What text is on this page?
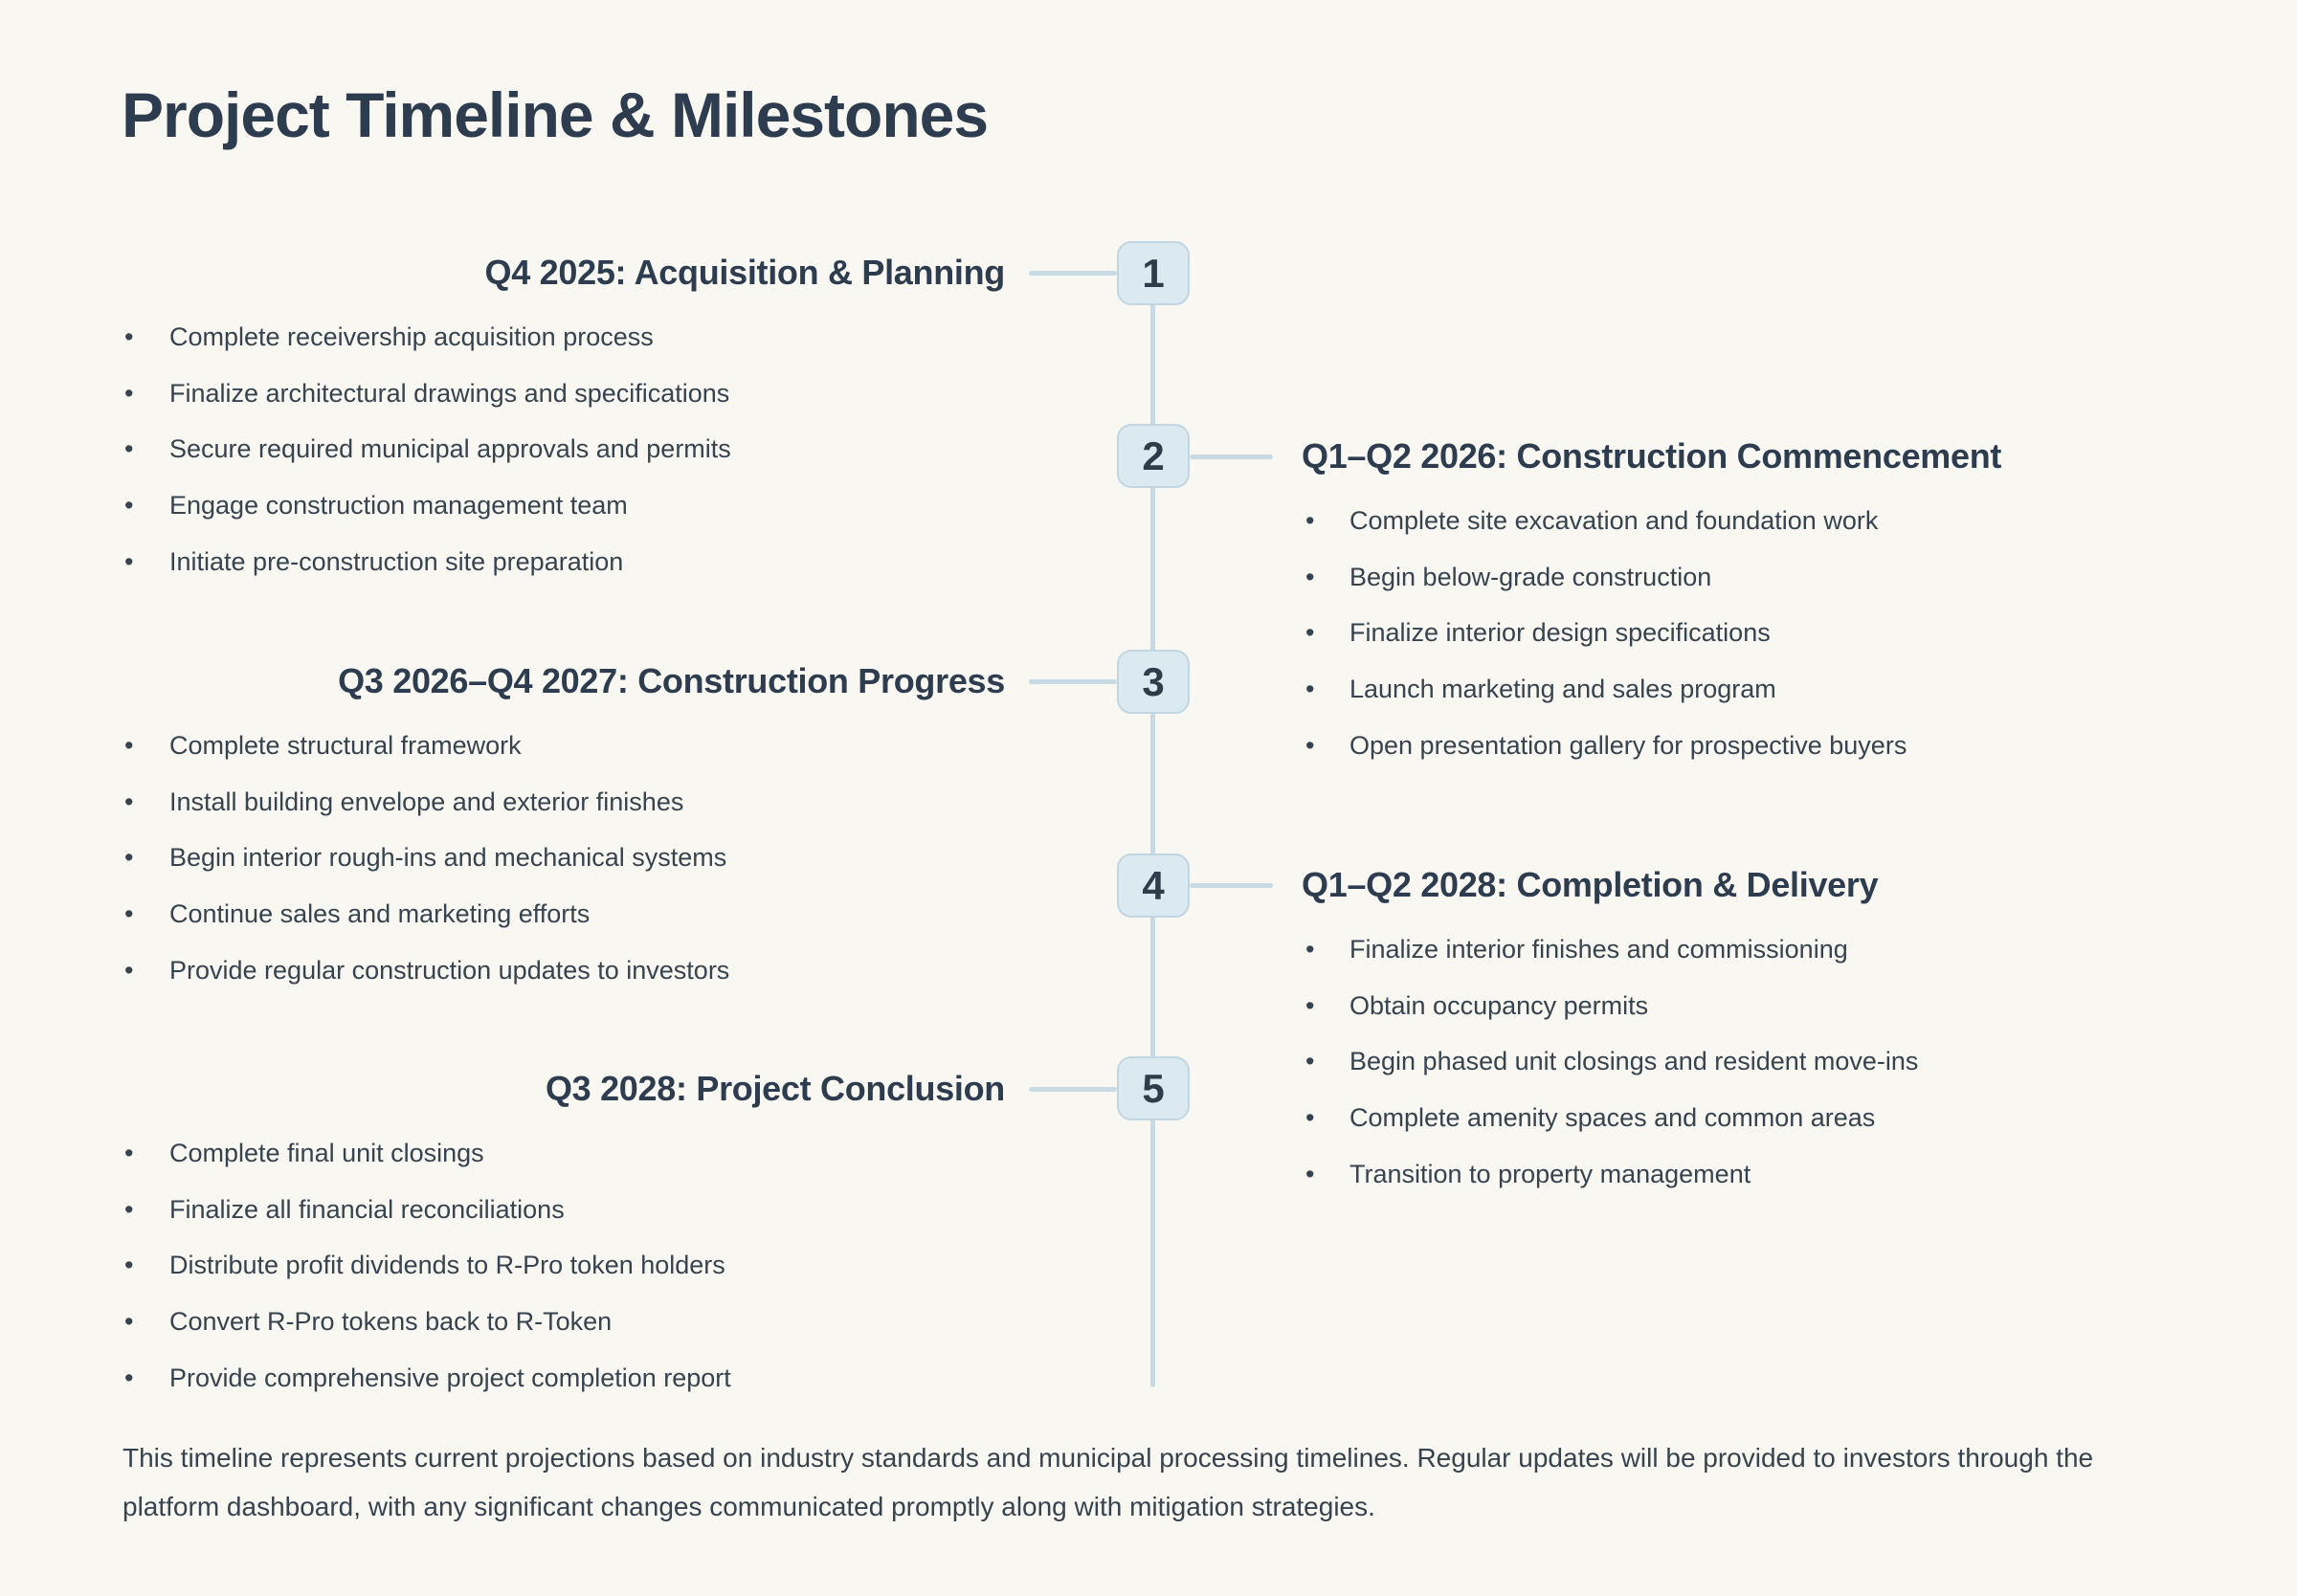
Project Timeline & Milestones
1
2
3
4
5
Q4 2025: Acquisition & Planning
• Complete receivership acquisition process
• Finalize architectural drawings and specifications
• Secure required municipal approvals and permits
• Engage construction management team
• Initiate pre-construction site preparation
Q1–Q2 2026: Construction Commencement
• Complete site excavation and foundation work
• Begin below-grade construction
• Finalize interior design specifications
• Launch marketing and sales program
• Open presentation gallery for prospective buyers
Q3 2026–Q4 2027: Construction Progress
• Complete structural framework
• Install building envelope and exterior finishes
• Begin interior rough-ins and mechanical systems
• Continue sales and marketing efforts
• Provide regular construction updates to investors
Q1–Q2 2028: Completion & Delivery
• Finalize interior finishes and commissioning
• Obtain occupancy permits
• Begin phased unit closings and resident move-ins
• Complete amenity spaces and common areas
• Transition to property management
Q3 2028: Project Conclusion
• Complete final unit closings
• Finalize all financial reconciliations
• Distribute profit dividends to R-Pro token holders
• Convert R-Pro tokens back to R-Token
• Provide comprehensive project completion report

This timeline represents current projections based on industry standards and municipal processing timelines. Regular updates will be provided to investors through the platform dashboard, with any significant changes communicated promptly along with mitigation strategies.
